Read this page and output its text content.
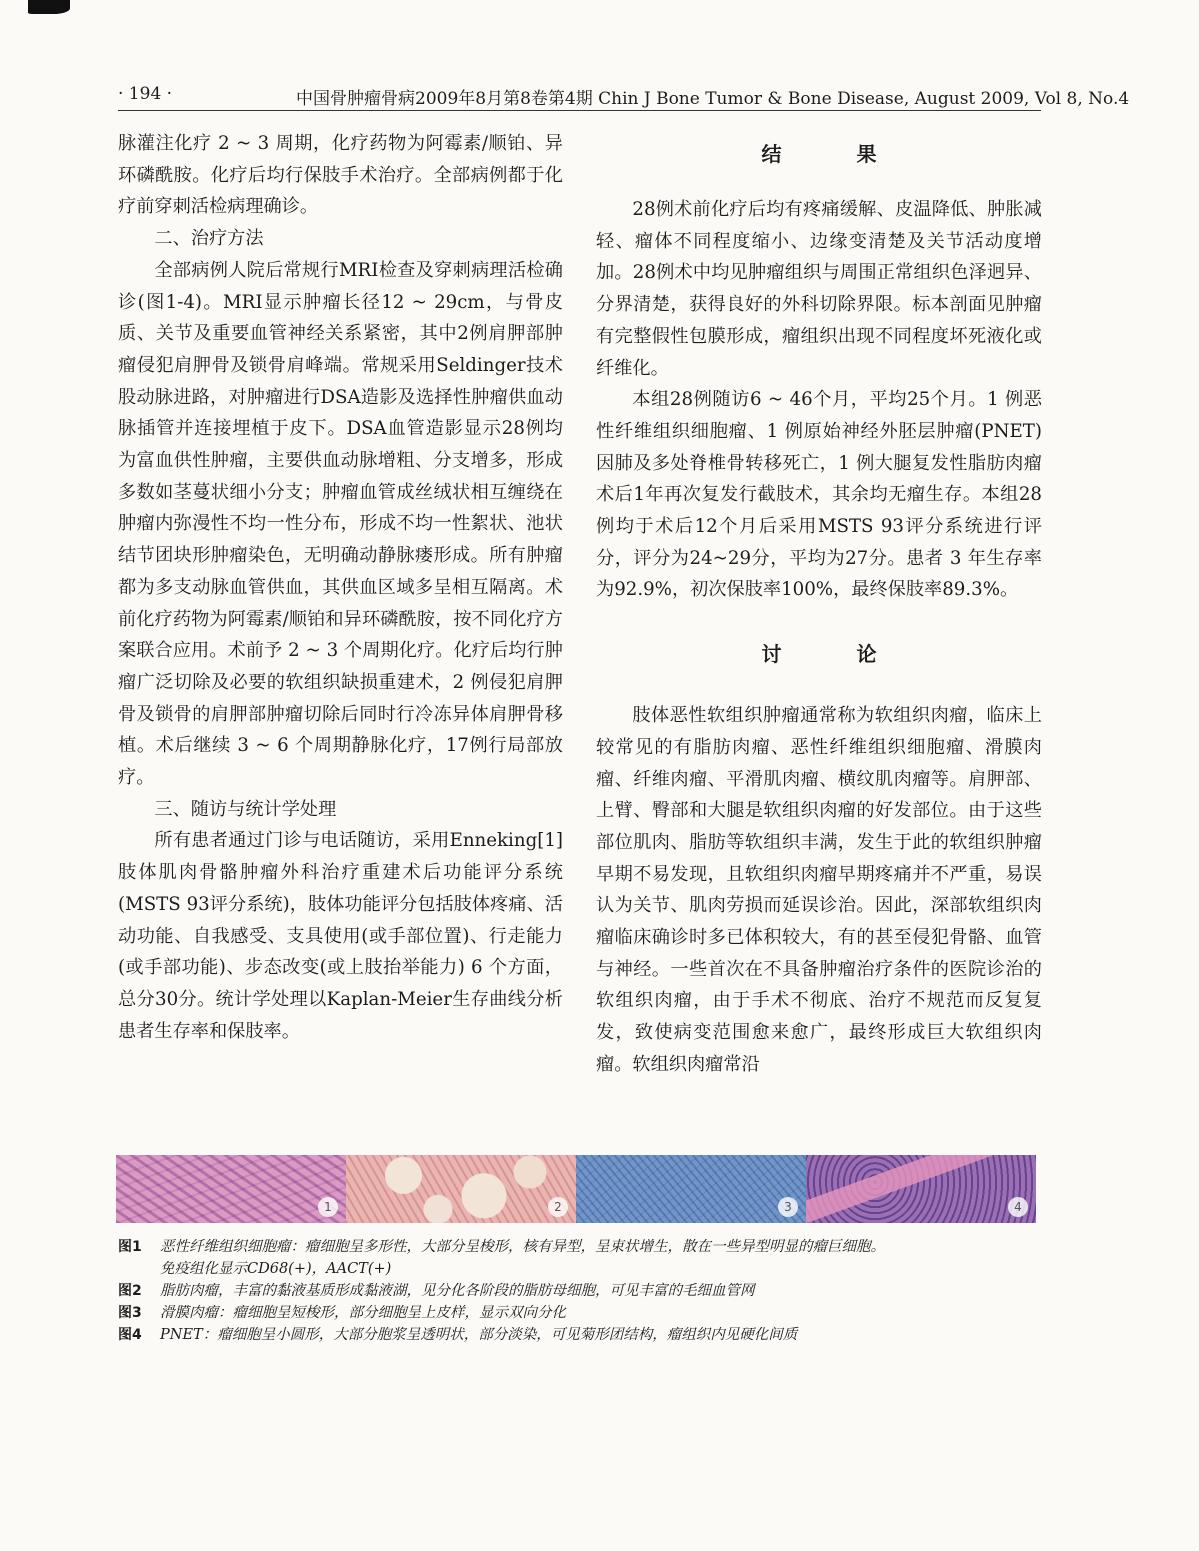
· 194 ·	中国骨肿瘤骨病2009年8月第8卷第4期 Chin J Bone Tumor & Bone Disease, August 2009, Vol 8, No.4

脉灌注化疗 2 ~ 3 周期，化疗药物为阿霉素/顺铂、异环磷酰胺。化疗后均行保肢手术治疗。全部病例都于化疗前穿刺活检病理确诊。

二、治疗方法

全部病例人院后常规行MRI检查及穿刺病理活检确诊(图1-4)。MRI显示肿瘤长径12 ~ 29cm，与骨皮质、关节及重要血管神经关系紧密，其中2例肩胛部肿瘤侵犯肩胛骨及锁骨肩峰端。常规采用Seldinger技术股动脉进路，对肿瘤进行DSA造影及选择性肿瘤供血动脉插管并连接埋植于皮下。DSA血管造影显示28例均为富血供性肿瘤，主要供血动脉增粗、分支增多，形成多数如茎蔓状细小分支；肿瘤血管成丝绒状相互缠绕在肿瘤内弥漫性不均一性分布，形成不均一性絮状、池状结节团块形肿瘤染色，无明确动静脉瘘形成。所有肿瘤都为多支动脉血管供血，其供血区域多呈相互隔离。术前化疗药物为阿霉素/顺铂和异环磷酰胺，按不同化疗方案联合应用。术前予 2 ~ 3 个周期化疗。化疗后均行肿瘤广泛切除及必要的软组织缺损重建术，2 例侵犯肩胛骨及锁骨的肩胛部肿瘤切除后同时行冷冻异体肩胛骨移植。术后继续 3 ~ 6 个周期静脉化疗，17例行局部放疗。

三、随访与统计学处理

所有患者通过门诊与电话随访，采用Enneking[1]肢体肌肉骨骼肿瘤外科治疗重建术后功能评分系统(MSTS 93评分系统)，肢体功能评分包括肢体疼痛、活动功能、自我感受、支具使用(或手部位置)、行走能力(或手部功能)、步态改变(或上肢抬举能力) 6 个方面，总分30分。统计学处理以Kaplan-Meier生存曲线分析患者生存率和保肢率。

结 果

28例术前化疗后均有疼痛缓解、皮温降低、肿胀减轻、瘤体不同程度缩小、边缘变清楚及关节活动度增加。28例术中均见肿瘤组织与周围正常组织色泽迥异、分界清楚，获得良好的外科切除界限。标本剖面见肿瘤有完整假性包膜形成，瘤组织出现不同程度坏死液化或纤维化。

本组28例随访6 ~ 46个月，平均25个月。1 例恶性纤维组织细胞瘤、1 例原始神经外胚层肿瘤(PNET)因肺及多处脊椎骨转移死亡，1 例大腿复发性脂肪肉瘤术后1年再次复发行截肢术，其余均无瘤生存。本组28例均于术后12个月后采用MSTS 93评分系统进行评分，评分为24~29分，平均为27分。患者 3 年生存率为92.9%，初次保肢率100%，最终保肢率89.3%。

讨 论

肢体恶性软组织肿瘤通常称为软组织肉瘤，临床上较常见的有脂肪肉瘤、恶性纤维组织细胞瘤、滑膜肉瘤、纤维肉瘤、平滑肌肉瘤、横纹肌肉瘤等。肩胛部、上臂、臀部和大腿是软组织肉瘤的好发部位。由于这些部位肌肉、脂肪等软组织丰满，发生于此的软组织肿瘤早期不易发现，且软组织肉瘤早期疼痛并不严重，易误认为关节、肌肉劳损而延误诊治。因此，深部软组织肉瘤临床确诊时多已体积较大，有的甚至侵犯骨骼、血管与神经。一些首次在不具备肿瘤治疗条件的医院诊治的软组织肉瘤，由于手术不彻底、治疗不规范而反复复发，致使病变范围愈来愈广，最终形成巨大软组织肉瘤。软组织肉瘤常沿

1	2	3	4
图1	恶性纤维组织细胞瘤：瘤细胞呈多形性，大部分呈梭形，核有异型，呈束状增生，散在一些异型明显的瘤巨细胞。
免疫组化显示CD68(+)，AACT(+)
图2	脂肪肉瘤，丰富的黏液基质形成黏液湖，见分化各阶段的脂肪母细胞，可见丰富的毛细血管网
图3	滑膜肉瘤：瘤细胞呈短梭形，部分细胞呈上皮样，显示双向分化
图4	PNET：瘤细胞呈小圆形，大部分胞浆呈透明状，部分淡染，可见菊形团结构，瘤组织内见硬化间质
